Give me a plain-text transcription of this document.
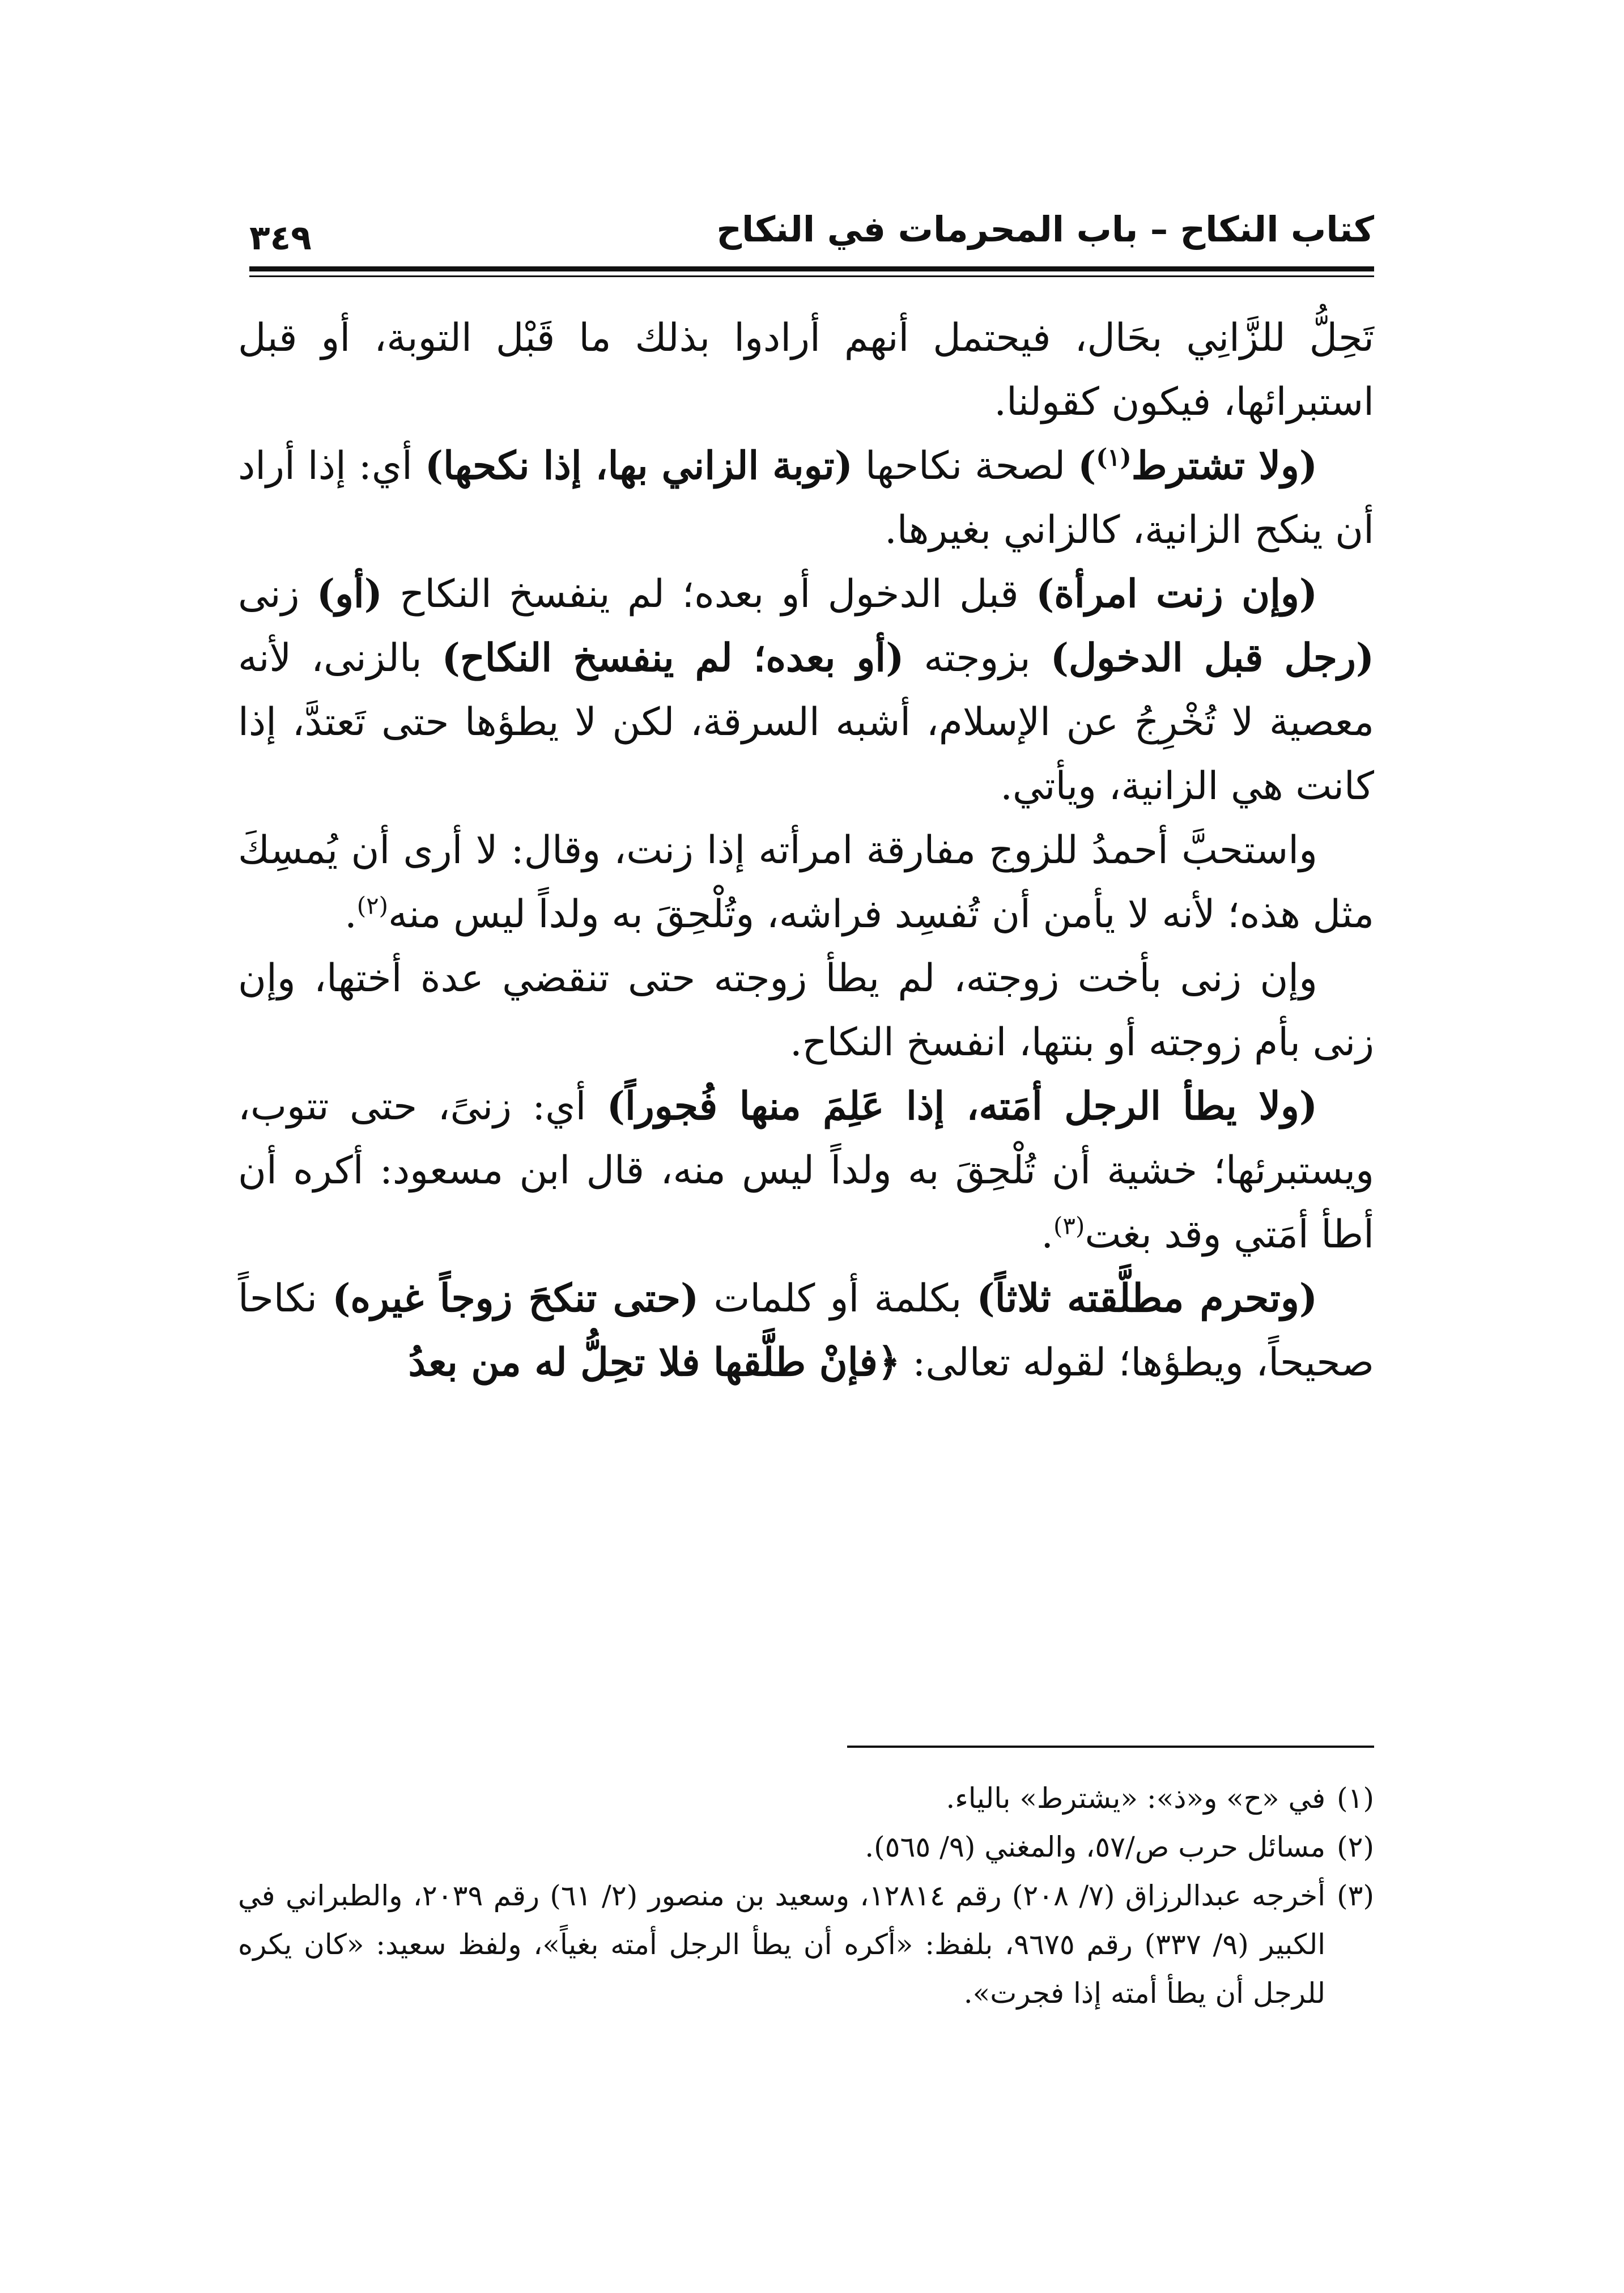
كتاب النكاح – باب المحرمات في النكاح
٣٤٩

تَحِلُّ للزَّانِي بحَال، فيحتمل أنهم أرادوا بذلك ما قَبْل التوبة، أو قبل استبرائها، فيكون كقولنا.

(ولا تشترط$^{(١)}$) لصحة نكاحها (توبة الزاني بها، إذا نكحها) أي: إذا أراد أن ينكح الزانية، كالزاني بغيرها.

(وإن زنت امرأة) قبل الدخول أو بعده؛ لم ينفسخ النكاح (أو) زنى (رجل قبل الدخول) بزوجته (أو بعده؛ لم ينفسخ النكاح) بالزنى، لأنه معصية لا تُخْرِجُ عن الإسلام، أشبه السرقة، لكن لا يطؤها حتى تَعتدَّ، إذا كانت هي الزانية، ويأتي.

واستحبَّ أحمدُ للزوج مفارقة امرأته إذا زنت، وقال: لا أرى أن يُمسِكَ مثل هذه؛ لأنه لا يأمن أن تُفسِد فراشه، وتُلْحِقَ به ولداً ليس منه$^{(٢)}$.

وإن زنى بأخت زوجته، لم يطأ زوجته حتى تنقضي عدة أختها، وإن زنى بأم زوجته أو بنتها، انفسخ النكاح.

(ولا يطأ الرجل أمَته، إذا عَلِمَ منها فُجوراً) أي: زنىً، حتى تتوب، ويستبرئها؛ خشية أن تُلْحِقَ به ولداً ليس منه، قال ابن مسعود: أكره أن أطأ أمَتي وقد بغت$^{(٣)}$.

(وتحرم مطلَّقته ثلاثاً) بكلمة أو كلمات (حتى تنكحَ زوجاً غيره) نكاحاً صحيحاً، ويطؤها؛ لقوله تعالى: ﴿فإنْ طلَّقها فلا تحِلُّ له من بعدُ

(١)
في «ح» و«ذ»: «يشترط» بالياء.
(٢)
مسائل حرب ص/٥٧، والمغني (٩/ ٥٦٥).
(٣)
أخرجه عبدالرزاق (٧/ ٢٠٨) رقم ١٢٨١٤، وسعيد بن منصور (٢/ ٦١) رقم ٢٠٣٩، والطبراني في الكبير (٩/ ٣٣٧) رقم ٩٦٧٥، بلفظ: «أكره أن يطأ الرجل أمته بغياً»، ولفظ سعيد: «كان يكره للرجل أن يطأ أمته إذا فجرت».
